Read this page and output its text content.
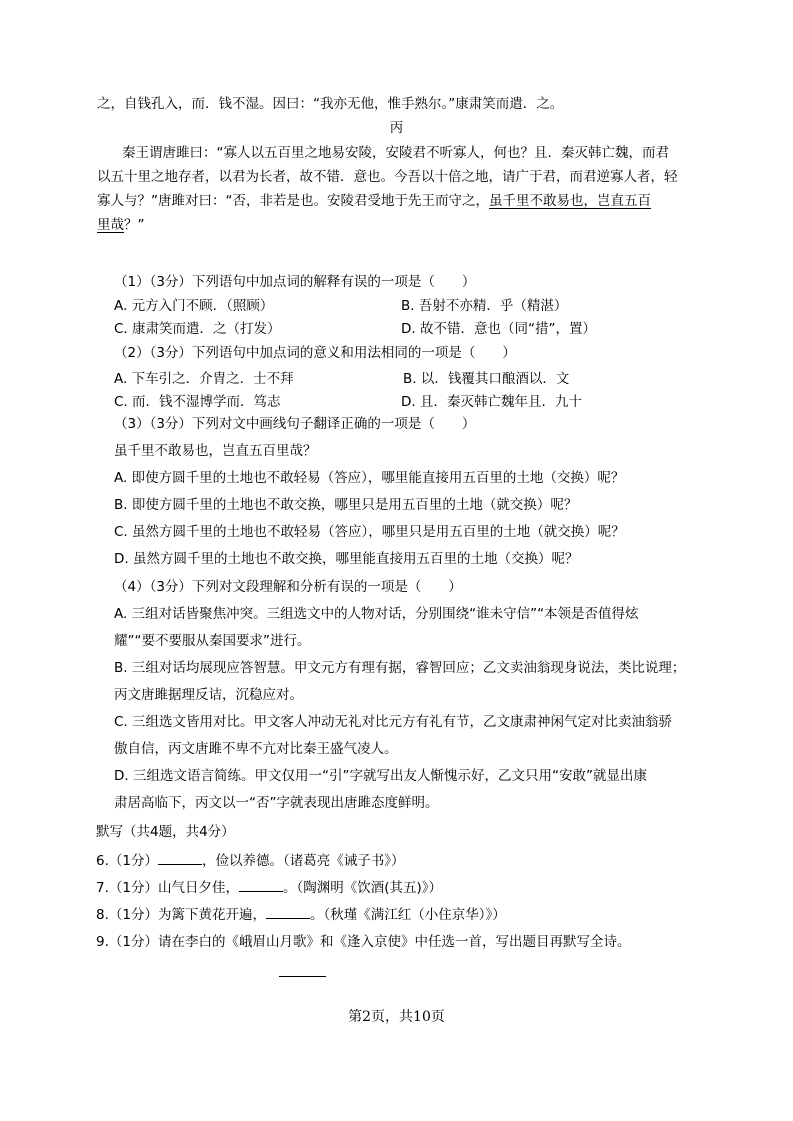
之，自钱孔入，而．钱不湿。因曰：“我亦无他，惟手熟尔。”康肃笑而遣．之。
丙
秦王谓唐雎曰：“寡人以五百里之地易安陵，安陵君不听寡人，何也？且．秦灭韩亡魏，而君
以五十里之地存者，以君为长者，故不错．意也。今吾以十倍之地，请广于君，而君逆寡人者，轻
寡人与？”唐雎对曰：“否，非若是也。安陵君受地于先王而守之，虽千里不敢易也，岂直五百
里哉？”
（1）（3分）下列语句中加点词的解释有误的一项是（　　）
A. 元方入门不顾．（照顾）	B. 吾射不亦精．乎（精湛）
C. 康肃笑而遣．之（打发）	D. 故不错．意也（同“措”，置）
（2）（3分）下列语句中加点词的意义和用法相同的一项是（　　）
A. 下车引之．介胄之．士不拜	B. 以．钱覆其口酿酒以．文
C. 而．钱不湿博学而．笃志	D. 且．秦灭韩亡魏年且．九十
（3）（3分）下列对文中画线句子翻译正确的一项是（　　）
虽千里不敢易也，岂直五百里哉？
A. 即使方圆千里的土地也不敢轻易（答应），哪里能直接用五百里的土地（交换）呢？
B. 即使方圆千里的土地也不敢交换，哪里只是用五百里的土地（就交换）呢？
C. 虽然方圆千里的土地也不敢轻易（答应），哪里只是用五百里的土地（就交换）呢？
D. 虽然方圆千里的土地也不敢交换，哪里能直接用五百里的土地（交换）呢？
（4）（3分）下列对文段理解和分析有误的一项是（　　）
A. 三组对话皆聚焦冲突。三组选文中的人物对话，分别围绕“谁未守信”“本领是否值得炫
耀”“要不要服从秦国要求”进行。
B. 三组对话均展现应答智慧。甲文元方有理有据，睿智回应；乙文卖油翁现身说法，类比说理；
丙文唐雎据理反诘，沉稳应对。
C. 三组选文皆用对比。甲文客人冲动无礼对比元方有礼有节，乙文康肃神闲气定对比卖油翁骄
傲自信，丙文唐雎不卑不亢对比秦王盛气凌人。
D. 三组选文语言简练。甲文仅用一“引”字就写出友人惭愧示好，乙文只用“安敢”就显出康
肃居高临下，丙文以一“否”字就表现出唐雎态度鲜明。
默写（共4题，共4分）
6.（1分）	，俭以养德。（诸葛亮《诫子书》）
7.（1分）山气日夕佳，	。（陶渊明《饮酒(其五)》）
8.（1分）为篱下黄花开遍，	。（秋瑾《满江红（小住京华）》）
9.（1分）请在李白的《峨眉山月歌》和《逢入京使》中任选一首，写出题目再默写全诗。
第2页，共10页
